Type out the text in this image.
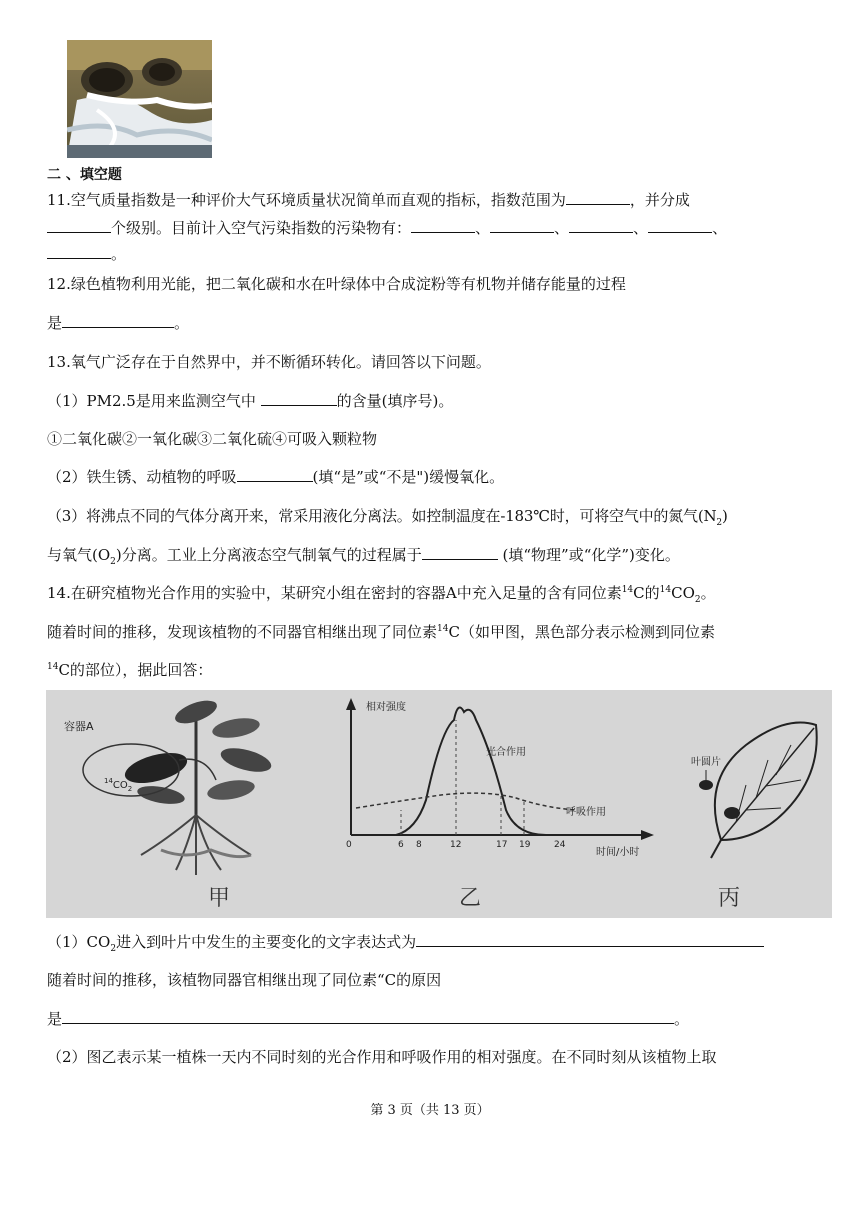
二 、填空题
11.空气质量指数是一种评价大气环境质量状况简单而直观的指标，指数范围为	，并分成
个级别。目前计入空气污染指数的污染物有：	、	、	、	、
。
12.绿色植物利用光能，把二氧化碳和水在叶绿体中合成淀粉等有机物并储存能量的过程
是	。
13.氧气广泛存在于自然界中，并不断循环转化。请回答以下问题。
（1）PM2.5是用来监测空气中	的含量(填序号)。
①二氧化碳②一氧化碳③二氧化硫④可吸入颗粒物
（2）铁生锈、动植物的呼吸	(填“是”或“不是")缓慢氧化。
（3）将沸点不同的气体分离开来，常采用液化分离法。如控制温度在-183℃时，可将空气中的氮气$(N_2)$
与氧气$(O_2)$分离。工业上分离液态空气制氧气的过程属于	(填“物理”或“化学”)变化。
14.在研究植物光合作用的实验中，某研究小组在密封的容器A中充入足量的含有同位素$^{14}$C的$^{14}CO_2$。
随着时间的推移，发现该植物的不同器官相继出现了同位素$^{14}$C（如甲图，黑色部分表示检测到同位素
$^{14}$C的部位），据此回答：
容器A
$^{14}CO_2$
相对强度
光合作用
呼吸作用
时间/小时
0	6 8	12	17 19	24
叶圆片
甲	乙	丙
$(1)CO_2$进入到叶片中发生的主要变化的文字表达式为
随着时间的推移，该植物同器官相继出现了同位素“C的原因
是	。
（2）图乙表示某一植株一天内不同时刻的光合作用和呼吸作用的相对强度。在不同时刻从该植物上取
第 3 页（共 13 页）
